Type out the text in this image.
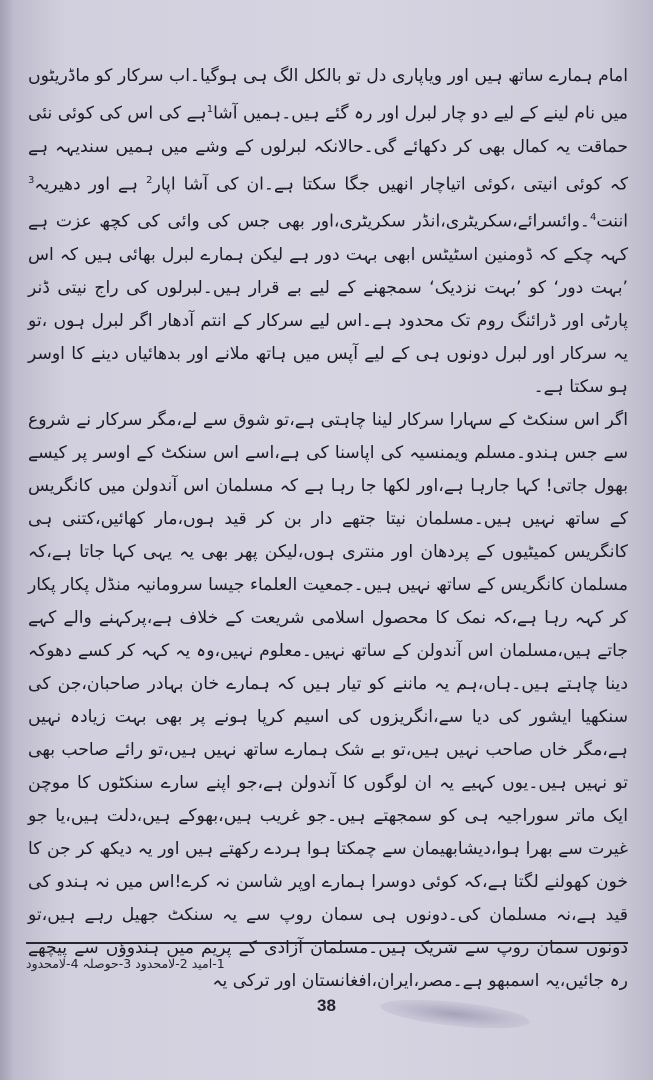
امام ہمارے ساتھ ہیں اور ویاپاری دل تو بالکل الگ ہی ہوگیا۔اب سرکار کو ماڈریٹوں میں نام لینے کے لیے دو چار لبرل اور رہ گئے ہیں۔ہمیں آشا$^1$ہے کی اس کی کوئی نئی حماقت یہ کمال بھی کر دکھائے گی۔حالانکہ لبرلوں کے وشے میں ہمیں سندیہہ ہے کہ کوئی انیتی ،کوئی اتیاچار انھیں جگا سکتا ہے۔ان کی آشا اپار$^2$ ہے اور دھیریہ$^3$ اننت$^4$۔وائسرائے،سکریٹری،انڈر سکریٹری،اور بھی جس کی وائی کی کچھ عزت ہے کہہ چکے کہ ڈومنین اسٹیٹس ابھی بہت دور ہے لیکن ہمارے لبرل بھائی ہیں کہ اس ’بہت دور‘ کو ’بہت نزدیک‘ سمجھنے کے لیے بے قرار ہیں۔لبرلوں کی راج نیتی ڈنر پارٹی اور ڈرائنگ روم تک محدود ہے۔اس لیے سرکار کے انتم آدھار اگر لبرل ہوں ،تو یہ سرکار اور لبرل دونوں ہی کے لیے آپس میں ہاتھ ملانے اور بدھائیاں دینے کا اوسر ہو سکتا ہے۔

اگر اس سنکٹ کے سہارا سرکار لینا چاہتی ہے،تو شوق سے لے،مگر سرکار نے شروع سے جس ہندو۔مسلم ویمنسیہ کی اپاسنا کی ہے،اسے اس سنکٹ کے اوسر پر کیسے بھول جاتی! کہا جارہا ہے،اور لکھا جا رہا ہے کہ مسلمان اس آندولن میں کانگریس کے ساتھ نہیں ہیں۔مسلمان نیتا جتھے دار بن کر قید ہوں،مار کھائیں،کتنی ہی کانگریس کمیٹیوں کے پردھان اور منتری ہوں،لیکن پھر بھی یہ یہی کہا جاتا ہے،کہ مسلمان کانگریس کے ساتھ نہیں ہیں۔جمعیت العلماء جیسا سرومانیہ منڈل پکار پکار کر کہہ رہا ہے،کہ نمک کا محصول اسلامی شریعت کے خلاف ہے،پرکہنے والے کہے جاتے ہیں،مسلمان اس آندولن کے ساتھ نہیں۔معلوم نہیں،وہ یہ کہہ کر کسے دھوکہ دینا چاہتے ہیں۔ہاں،ہم یہ ماننے کو تیار ہیں کہ ہمارے خان بہادر صاحبان،جن کی سنکھیا ایشور کی دیا سے،انگریزوں کی اسیم کرپا ہونے پر بھی بہت زیادہ نہیں ہے،مگر خاں صاحب نہیں ہیں،تو بے شک ہمارے ساتھ نہیں ہیں،تو رائے صاحب بھی تو نہیں ہیں۔یوں کہیے یہ ان لوگوں کا آندولن ہے،جو اپنے سارے سنکٹوں کا موچن ایک ماتر سوراجیہ ہی کو سمجھتے ہیں۔جو غریب ہیں،بھوکے ہیں،دلت ہیں،یا جو غیرت سے بھرا ہوا،دیشابھیمان سے چمکتا ہوا ہردے رکھتے ہیں اور یہ دیکھ کر جن کا خون کھولنے لگتا ہے،کہ کوئی دوسرا ہمارے اوپر شاسن نہ کرے!اس میں نہ ہندو کی قید ہے،نہ مسلمان کی۔دونوں ہی سمان روپ سے یہ سنکٹ جھیل رہے ہیں،تو دونوں سمان روپ سے شریک ہیں۔مسلمان آزادی کے پریم میں ہندوؤں سے پیچھے رہ جائیں،یہ اسمبھو ہے۔مصر،ایران،افغانستان اور ترکی یہ

1-امید 2-لامحدود 3-حوصلہ 4-لامحدود
38
